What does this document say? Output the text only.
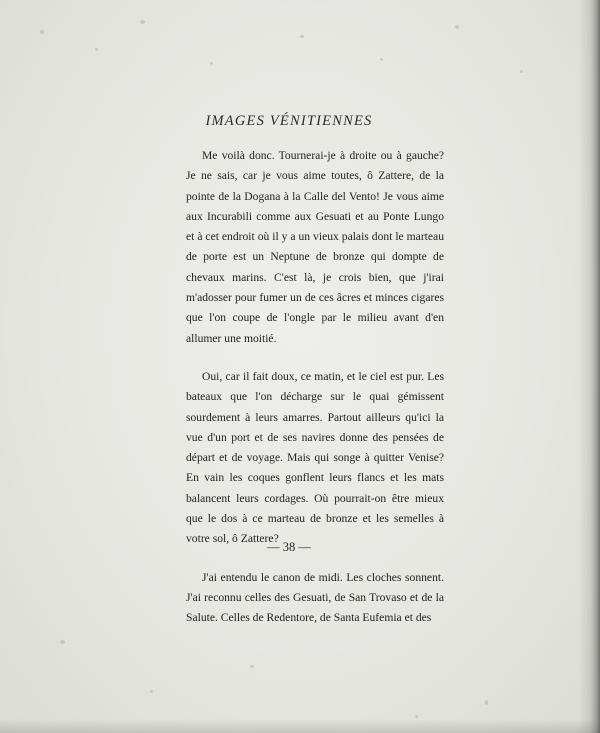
IMAGES VÉNITIENNES

Me voilà donc. Tournerai-je à droite ou à gauche? Je ne sais, car je vous aime toutes, ô Zattere, de la pointe de la Dogana à la Calle del Vento! Je vous aime aux Incurabili comme aux Gesuati et au Ponte Lungo et à cet endroit où il y a un vieux palais dont le marteau de porte est un Neptune de bronze qui dompte de chevaux marins. C'est là, je crois bien, que j'irai m'adosser pour fumer un de ces âcres et minces cigares que l'on coupe de l'ongle par le milieu avant d'en allumer une moitié.

Oui, car il fait doux, ce matin, et le ciel est pur. Les bateaux que l'on décharge sur le quai gémissent sourdement à leurs amarres. Partout ailleurs qu'ici la vue d'un port et de ses navires donne des pensées de départ et de voyage. Mais qui songe à quitter Venise? En vain les coques gonflent leurs flancs et les mats balancent leurs cordages. Où pourrait-on être mieux que le dos à ce marteau de bronze et les semelles à votre sol, ô Zattere?

J'ai entendu le canon de midi. Les cloches sonnent. J'ai reconnu celles des Gesuati, de San Trovaso et de la Salute. Celles de Redentore, de Santa Eufemia et des

— 38 —
